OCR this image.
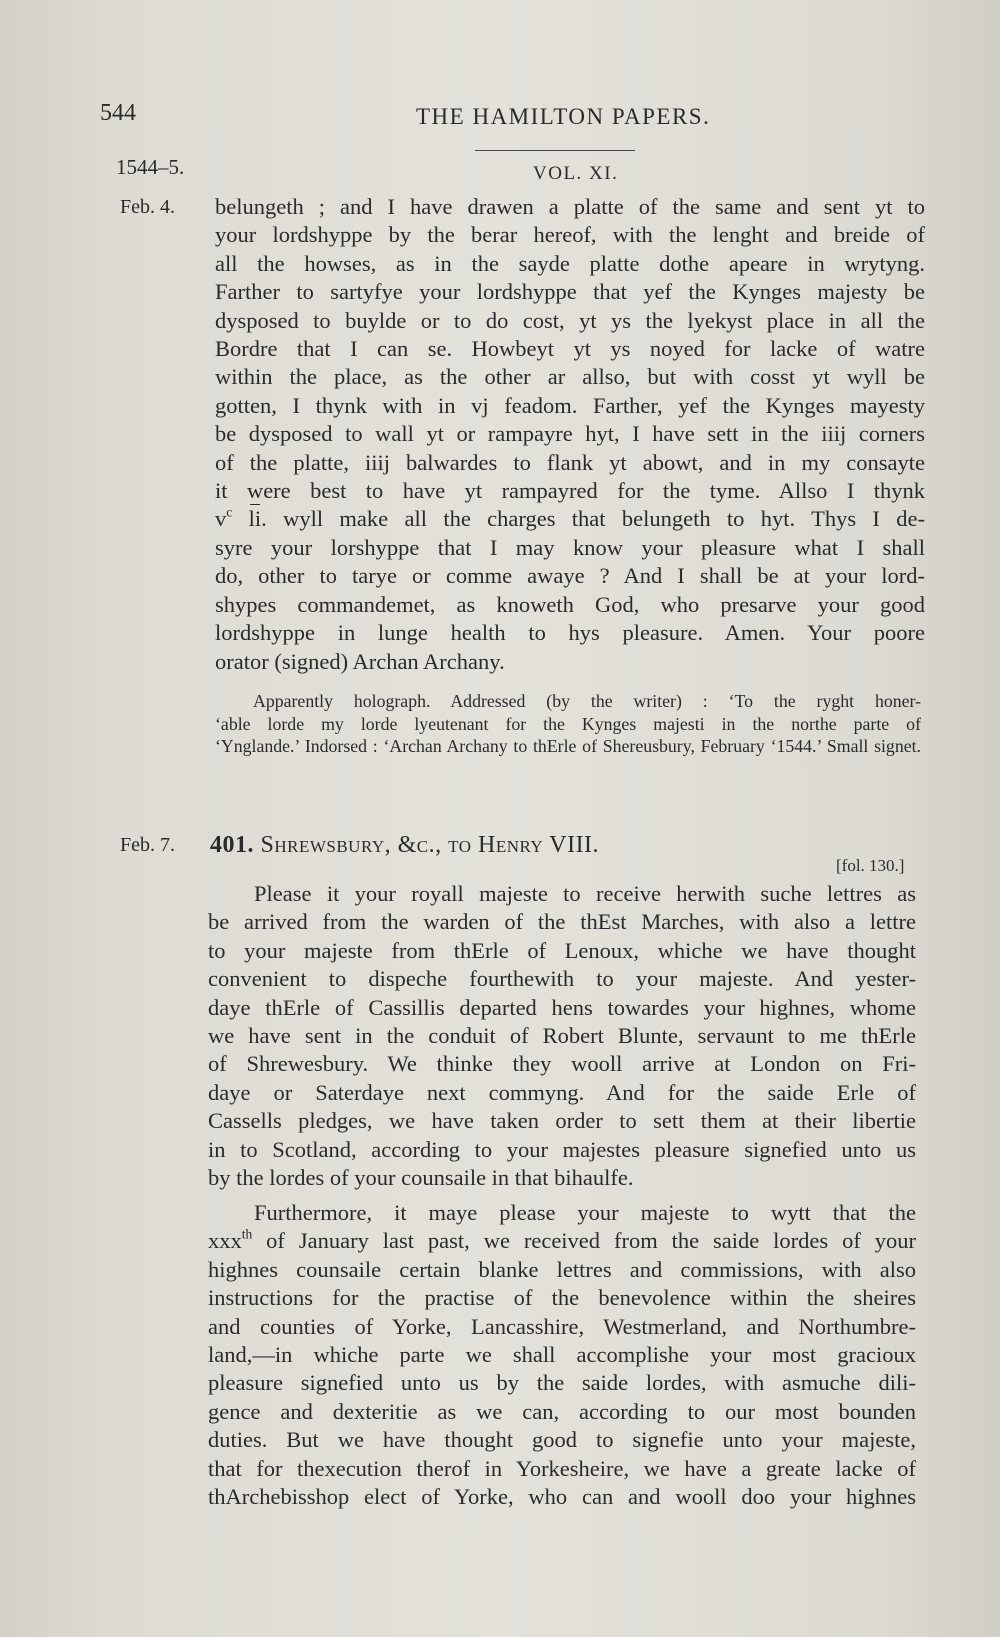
544	THE HAMILTON PAPERS.
1544–5.	VOL. XI.
Feb. 4. belungeth ; and I have drawen a platte of the same and sent yt to
your lordshyppe by the berar hereof, with the lenght and breide of
all the howses, as in the sayde platte dothe apeare in wrytyng.
Farther to sartyfye your lordshyppe that yef the Kynges majesty be
dysposed to buylde or to do cost, yt ys the lyekyst place in all the
Bordre that I can se. Howbeyt yt ys noyed for lacke of watre
within the place, as the other ar allso, but with cosst yt wyll be
gotten, I thynk with in vj feadom. Farther, yef the Kynges mayesty
be dysposed to wall yt or rampayre hyt, I have sett in the iiij corners
of the platte, iiij balwardes to flank yt abowt, and in my consayte
it were best to have yt rampayred for the tyme. Allso I thynk
$v^c$ li. wyll make all the charges that belungeth to hyt. Thys I de-
syre your lorshyppe that I may know your pleasure what I shall
do, other to tarye or comme awaye ? And I shall be at your lord-
shypes commandemet, as knoweth God, who presarve your good
lordshyppe in lunge health to hys pleasure. Amen. Your poore
orator (signed) Archan Archany.

Apparently holograph. Addressed (by the writer) : ‘To the ryght honer-
‘able lorde my lorde lyeutenant for the Kynges majesti in the northe parte of
‘Ynglande.’ Indorsed : ‘Archan Archany to thErle of Shereusbury, February ‘1544.’ Small signet.

Feb. 7. 401. Shrewsbury, &c., to Henry VIII.
[fol. 130.]

Please it your royall majeste to receive herwith suche lettres as
be arrived from the warden of the thEst Marches, with also a lettre
to your majeste from thErle of Lenoux, whiche we have thought
convenient to dispeche fourthewith to your majeste. And yester-
daye thErle of Cassillis departed hens towardes your highnes, whome
we have sent in the conduit of Robert Blunte, servaunt to me thErle
of Shrewesbury. We thinke they wooll arrive at London on Fri-
daye or Saterdaye next commyng. And for the saide Erle of
Cassells pledges, we have taken order to sett them at their libertie
in to Scotland, according to your majestes pleasure signefied unto us
by the lordes of your counsaile in that bihaulfe.

Furthermore, it maye please your majeste to wytt that the
xxx$^{th}$ of January last past, we received from the saide lordes of your
highnes counsaile certain blanke lettres and commissions, with also
instructions for the practise of the benevolence within the sheires
and counties of Yorke, Lancasshire, Westmerland, and Northumbre-
land,—in whiche parte we shall accomplishe your most gracioux
pleasure signefied unto us by the saide lordes, with asmuche dili-
gence and dexteritie as we can, according to our most bounden
duties. But we have thought good to signefie unto your majeste,
that for thexecution therof in Yorkesheire, we have a greate lacke of
thArchebisshop elect of Yorke, who can and wooll doo your highnes
